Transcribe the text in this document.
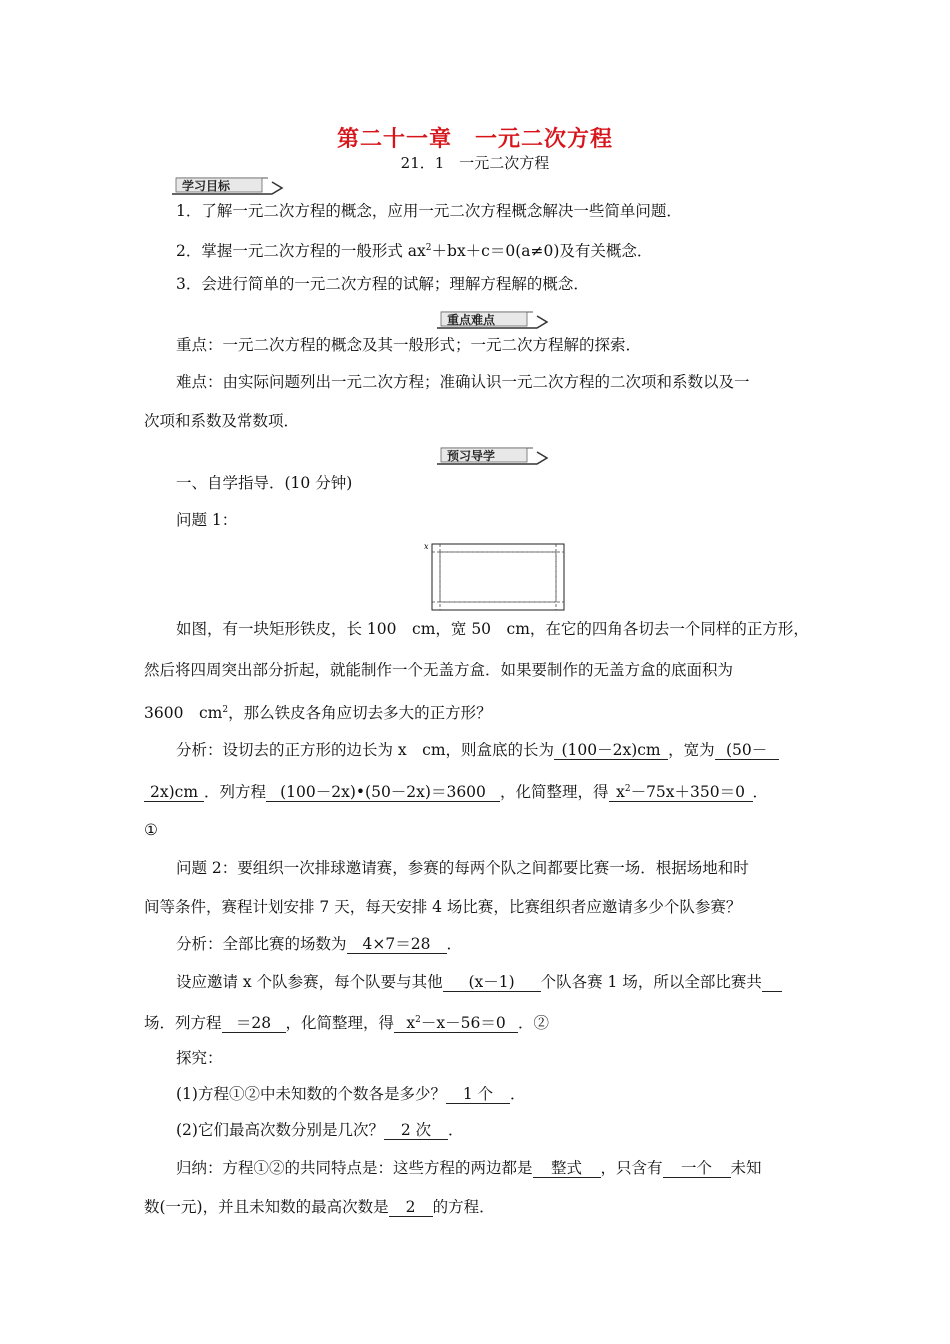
第二十一章　一元二次方程
21．1　一元二次方程
学习目标
1．了解一元二次方程的概念，应用一元二次方程概念解决一些简单问题．
2．掌握一元二次方程的一般形式 $ax^2+bx+c=0(a\ne 0)$及有关概念．
3．会进行简单的一元二次方程的试解；理解方程解的概念．
重点难点
重点：一元二次方程的概念及其一般形式；一元二次方程解的探索．
难点：由实际问题列出一元二次方程；准确认识一元二次方程的二次项和系数以及一
次项和系数及常数项．
预习导学
一、自学指导．(10 分钟)
问题 1：
x
如图，有一块矩形铁皮，长 100　cm，宽 50　cm，在它的四角各切去一个同样的正方形，
然后将四周突出部分折起，就能制作一个无盖方盒．如果要制作的无盖方盒的底面积为
3600　$cm^2$，那么铁皮各角应切去多大的正方形？
分析：设切去的正方形的边长为 x　cm，则盒底的长为 (100－2x)cm ，宽为 (50－
2x)cm ．列方程 (100－2x)•(50－2x)＝3600 ，化简整理，得 $x^2-75x+350=0$ ．
①
问题 2：要组织一次排球邀请赛，参赛的每两个队之间都要比赛一场．根据场地和时
间等条件，赛程计划安排 7 天，每天安排 4 场比赛，比赛组织者应邀请多少个队参赛？
分析：全部比赛的场数为 4×7＝28 ．
设应邀请 x 个队参赛，每个队要与其他 (x－1) 个队各赛 1 场，所以全部比赛共
场．列方程 ＝28 ，化简整理，得 $x^2-x-56=0$ ．②
探究：
(1)方程①②中未知数的个数各是多少？ 1 个 ．
(2)它们最高次数分别是几次？ 2 次 ．
归纳：方程①②的共同特点是：这些方程的两边都是 整式 ，只含有 一个 未知
数(一元)，并且未知数的最高次数是 2 的方程．
